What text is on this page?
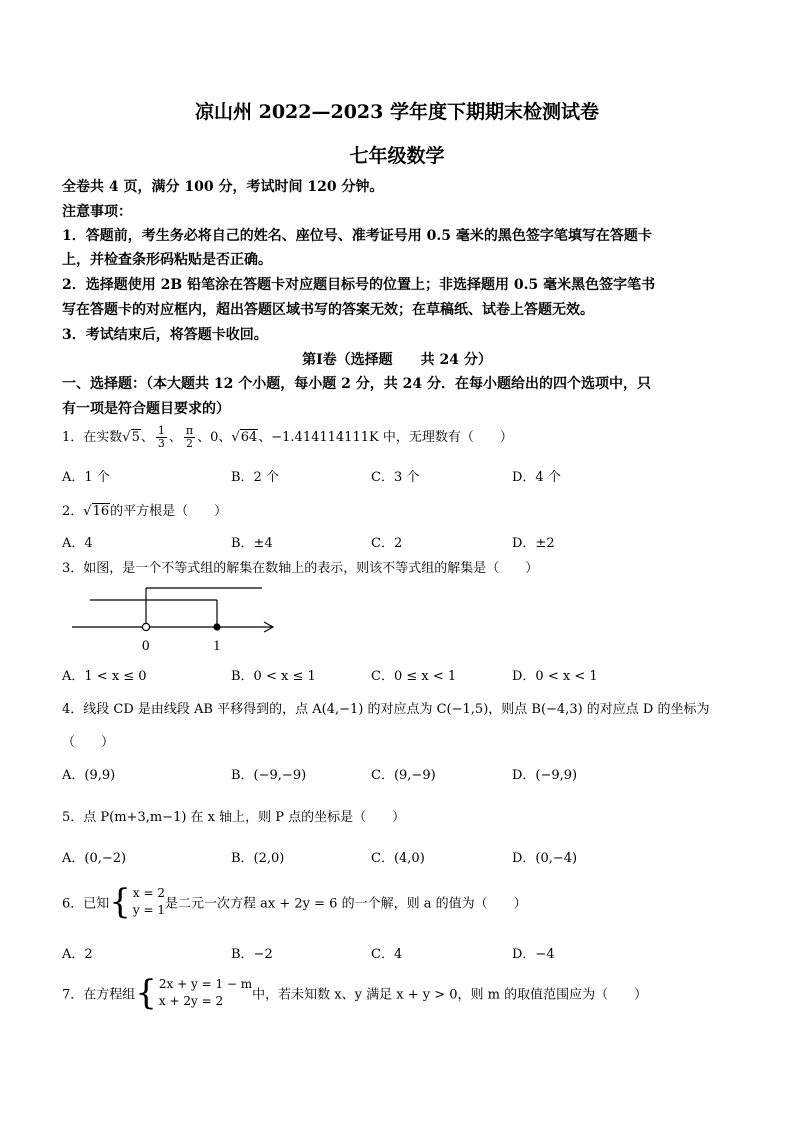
凉山州 2022—2023 学年度下期期末检测试卷
七年级数学
全卷共 4 页，满分 100 分，考试时间 120 分钟。
注意事项：
1．答题前，考生务必将自己的姓名、座位号、准考证号用 0.5 毫米的黑色签字笔填写在答题卡
上，并检查条形码粘贴是否正确。
2．选择题使用 2B 铅笔涂在答题卡对应题目标号的位置上；非选择题用 0.5 毫米黑色签字笔书
写在答题卡的对应框内，超出答题区域书写的答案无效；在草稿纸、试卷上答题无效。
3．考试结束后，将答题卡收回。
第Ⅰ卷（选择题　　共 24 分）
一、选择题：（本大题共 12 个小题，每小题 2 分，共 24 分．在每小题给出的四个选项中，只
有一项是符合题目要求的）
1．在实数√5、 $\frac{1}{3}$ 、 $\frac{\pi}{2}$ 、0、√64、−1.414114111K 中，无理数有（　　）
A．1 个	B．2 个	C．3 个	D．4 个
2．√16的平方根是（　　）
A．4	B．±4	C．2	D．±2
3．如图，是一个不等式组的解集在数轴上的表示，则该不等式组的解集是（　　）
0	1
A．1 < x ≤ 0	B．0 < x ≤ 1	C．0 ≤ x < 1	D．0 < x < 1
4．线段 CD 是由线段 AB 平移得到的，点 A(4,−1) 的对应点为 C(−1,5)，则点 B(−4,3) 的对应点 D 的坐标为
（　　）
A．(9,9)	B．(−9,−9)	C．(9,−9)	D．(−9,9)
5．点 P(m+3,m−1) 在 x 轴上，则 P 点的坐标是（　　）
A．(0,−2)	B．(2,0)	C．(4,0)	D．(0,−4)
6．已知{ x = 2
y = 1 是二元一次方程 ax + 2y = 6 的一个解，则 a 的值为（　　）
A．2	B．−2	C．4	D．−4
7．在方程组{ 2x + y = 1 − m
x + 2y = 2	中，若未知数 x、y 满足 x + y > 0，则 m 的取值范围应为（　　）
